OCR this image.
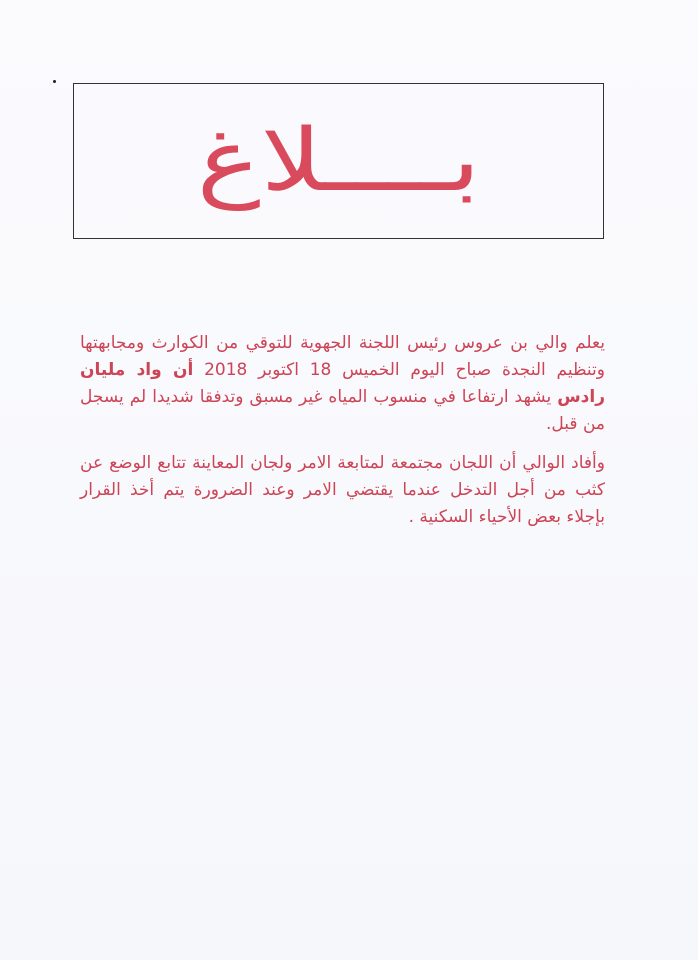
بــــلاغ

يعلم والي بن عروس رئيس اللجنة الجهوية للتوقي من الكوارث ومجابهتها وتنظيم النجدة صباح اليوم الخميس 18 اكتوبر 2018 أن واد مليان رادس يشهد ارتفاعا في منسوب المياه غير مسبق وتدفقا شديدا لم يسجل من قبل.

وأفاد الوالي أن اللجان مجتمعة لمتابعة الامر ولجان المعاينة تتابع الوضع عن كثب من أجل التدخل عندما يقتضي الامر وعند الضرورة يتم أخذ القرار بإجلاء بعض الأحياء السكنية .
